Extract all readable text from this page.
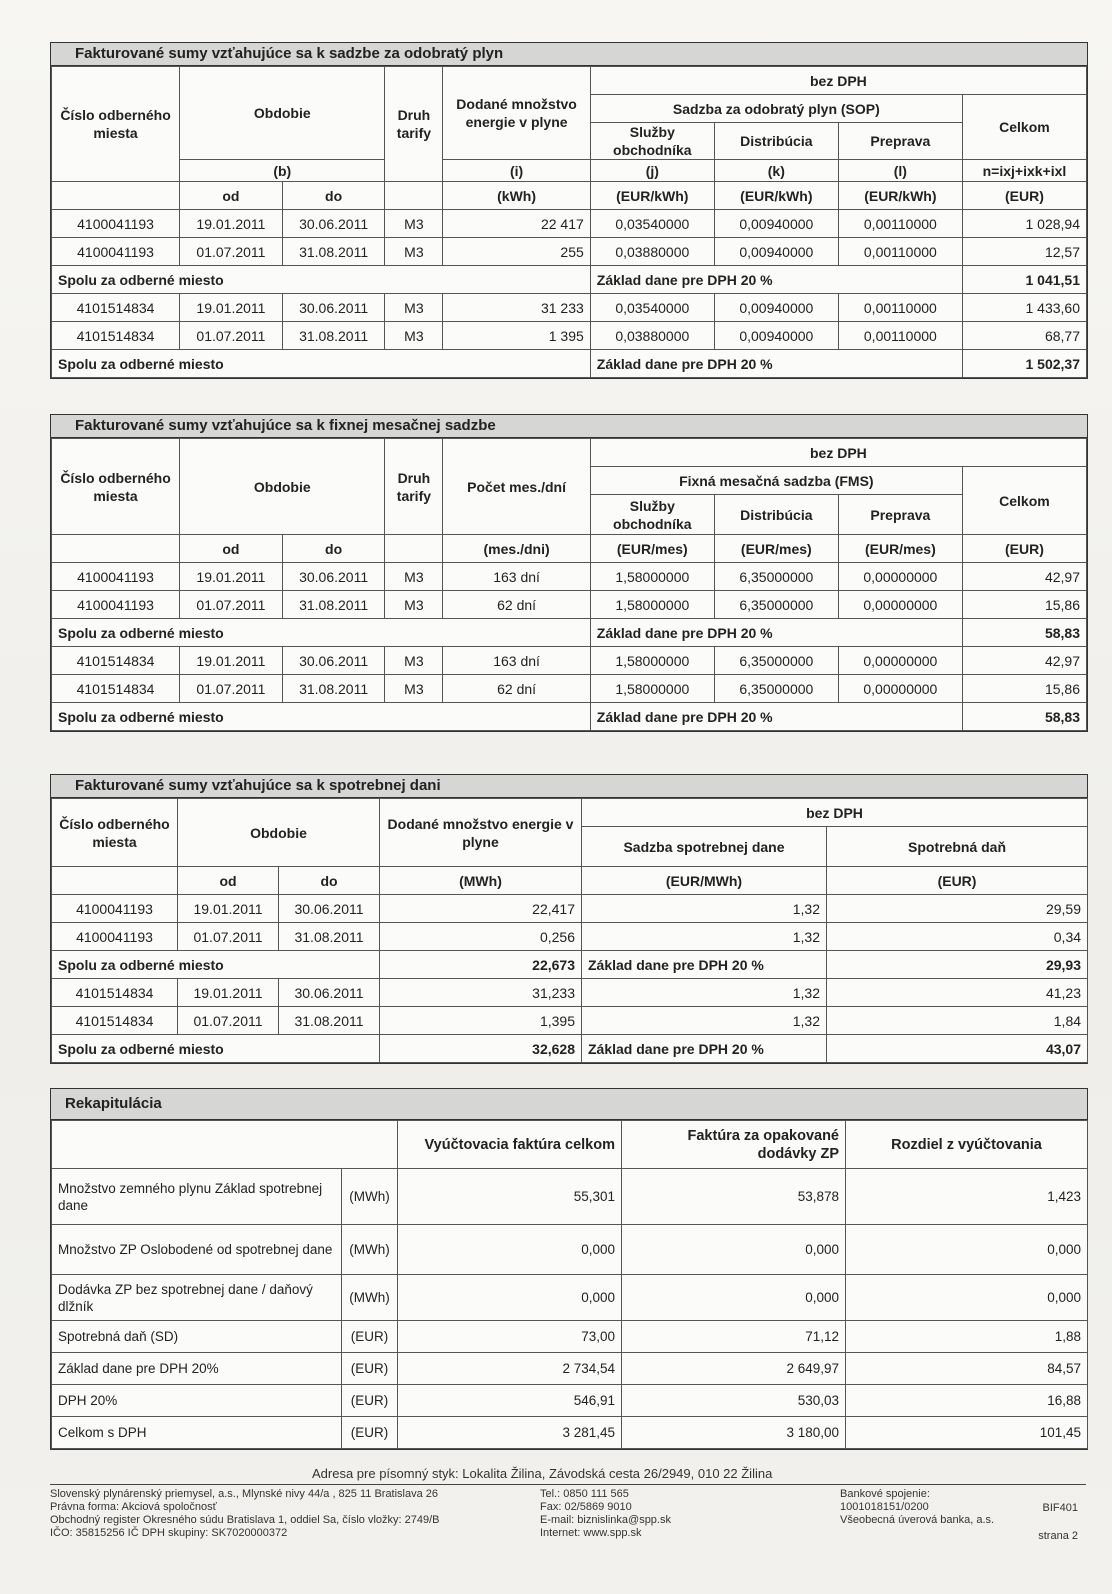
Fakturované sumy vzťahujúce sa k sadzbe za odobratý plyn
Číslo odberného miesta	Obdobie		Druh tarify	Dodané množstvo energie v plyne	bez DPH			
					Sadzba za odobratý plyn (SOP)			Celkom
					Služby obchodníka	Distribúcia	Preprava	
	(b)			(i)	(j)	(k)	(l)	n=ixj+ixk+ixl
	od	do		(kWh)	(EUR/kWh)	(EUR/kWh)	(EUR/kWh)	(EUR)
4100041193	19.01.2011	30.06.2011	M3	22 417	0,03540000	0,00940000	0,00110000	1 028,94
4100041193	01.07.2011	31.08.2011	M3	255	0,03880000	0,00940000	0,00110000	12,57
Spolu za odberné miesto					Základ dane pre DPH 20 %			1 041,51
4101514834	19.01.2011	30.06.2011	M3	31 233	0,03540000	0,00940000	0,00110000	1 433,60
4101514834	01.07.2011	31.08.2011	M3	1 395	0,03880000	0,00940000	0,00110000	68,77
Spolu za odberné miesto					Základ dane pre DPH 20 %			1 502,37
Fakturované sumy vzťahujúce sa k fixnej mesačnej sadzbe
Číslo odberného miesta	Obdobie		Druh tarify	Počet mes./dní	bez DPH			
					Fixná mesačná sadzba (FMS)			Celkom
					Služby obchodníka	Distribúcia	Preprava	
	od	do		(mes./dni)	(EUR/mes)	(EUR/mes)	(EUR/mes)	(EUR)
4100041193	19.01.2011	30.06.2011	M3	163 dní	1,58000000	6,35000000	0,00000000	42,97
4100041193	01.07.2011	31.08.2011	M3	62 dní	1,58000000	6,35000000	0,00000000	15,86
Spolu za odberné miesto					Základ dane pre DPH 20 %			58,83
4101514834	19.01.2011	30.06.2011	M3	163 dní	1,58000000	6,35000000	0,00000000	42,97
4101514834	01.07.2011	31.08.2011	M3	62 dní	1,58000000	6,35000000	0,00000000	15,86
Spolu za odberné miesto					Základ dane pre DPH 20 %			58,83
Fakturované sumy vzťahujúce sa k spotrebnej dani
Číslo odberného miesta	Obdobie		Dodané množstvo energie v plyne	bez DPH	
				Sadzba spotrebnej dane	Spotrebná daň
	od	do	(MWh)	(EUR/MWh)	(EUR)
4100041193	19.01.2011	30.06.2011	22,417	1,32	29,59
4100041193	01.07.2011	31.08.2011	0,256	1,32	0,34
Spolu za odberné miesto			22,673	Základ dane pre DPH 20 %	29,93
4101514834	19.01.2011	30.06.2011	31,233	1,32	41,23
4101514834	01.07.2011	31.08.2011	1,395	1,32	1,84
Spolu za odberné miesto			32,628	Základ dane pre DPH 20 %	43,07
Rekapitulácia
		Vyúčtovacia faktúra celkom	Faktúra za opakované dodávky ZP	Rozdiel z vyúčtovania
Množstvo zemného plynu Základ spotrebnej dane	(MWh)	55,301	53,878	1,423
Množstvo ZP Oslobodené od spotrebnej dane	(MWh)	0,000	0,000	0,000
Dodávka ZP bez spotrebnej dane / daňový dlžník	(MWh)	0,000	0,000	0,000
Spotrebná daň (SD)	(EUR)	73,00	71,12	1,88
Základ dane pre DPH 20%	(EUR)	2 734,54	2 649,97	84,57
DPH 20%	(EUR)	546,91	530,03	16,88
Celkom s DPH	(EUR)	3 281,45	3 180,00	101,45
Adresa pre písomný styk: Lokalita Žilina, Závodská cesta 26/2949, 010 22 Žilina
Slovenský plynárenský priemysel, a.s., Mlynské nivy 44/a , 825 11 Bratislava 26
Právna forma: Akciová spoločnosť
Obchodný register Okresného súdu Bratislava 1, oddiel Sa, číslo vložky: 2749/B
IČO: 35815256 IČ DPH skupiny: SK7020000372
Tel.: 0850 111 565
Fax: 02/5869 9010
E-mail: biznislinka@spp.sk
Internet: www.spp.sk
Bankové spojenie:
1001018151/0200
Všeobecná úverová banka, a.s.
BIF401
strana 2
